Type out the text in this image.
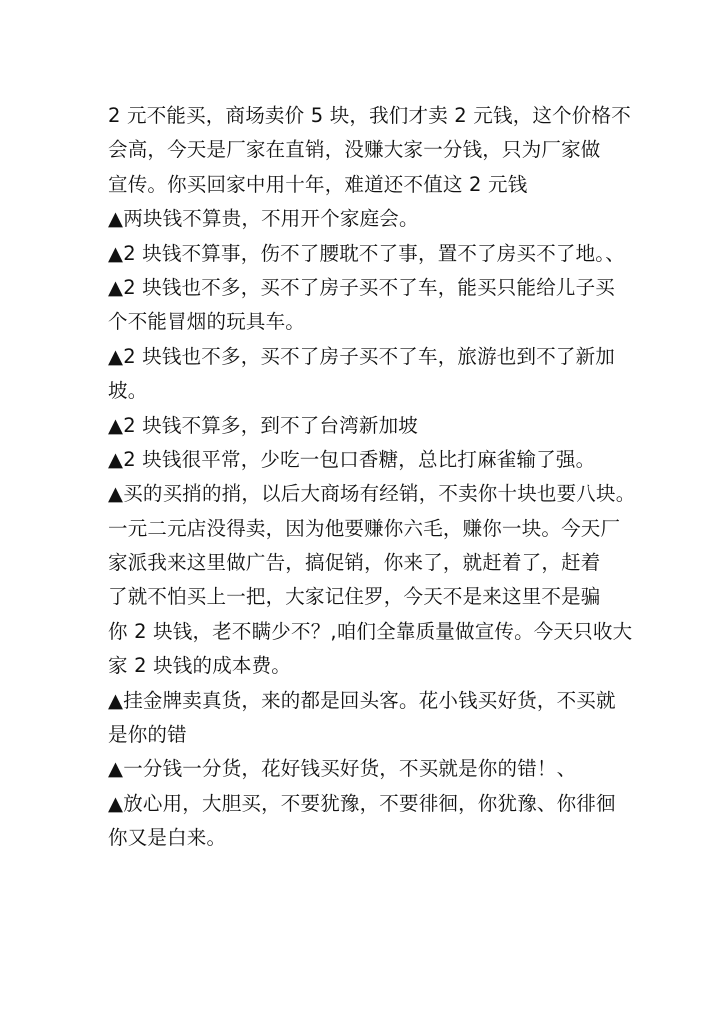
2 元不能买，商场卖价 5 块，我们才卖 2 元钱，这个价格不
会高，今天是厂家在直销，没赚大家一分钱，只为厂家做
宣传。你买回家中用十年，难道还不值这 2 元钱
▲两块钱不算贵，不用开个家庭会。
▲2 块钱不算事，伤不了腰耽不了事，置不了房买不了地。、
▲2 块钱也不多，买不了房子买不了车，能买只能给儿子买
个不能冒烟的玩具车。
▲2 块钱也不多，买不了房子买不了车，旅游也到不了新加
坡。
▲2 块钱不算多，到不了台湾新加坡
▲2 块钱很平常，少吃一包口香糖，总比打麻雀输了强。
▲买的买捎的捎，以后大商场有经销，不卖你十块也要八块。
一元二元店没得卖，因为他要赚你六毛，赚你一块。今天厂
家派我来这里做广告，搞促销，你来了，就赶着了，赶着
了就不怕买上一把，大家记住罗，今天不是来这里不是骗
你 2 块钱，老不瞒少不？,咱们全靠质量做宣传。今天只收大
家 2 块钱的成本费。
▲挂金牌卖真货，来的都是回头客。花小钱买好货，不买就
是你的错
▲一分钱一分货，花好钱买好货，不买就是你的错！、
▲放心用，大胆买，不要犹豫，不要徘徊，你犹豫、你徘徊
你又是白来。
